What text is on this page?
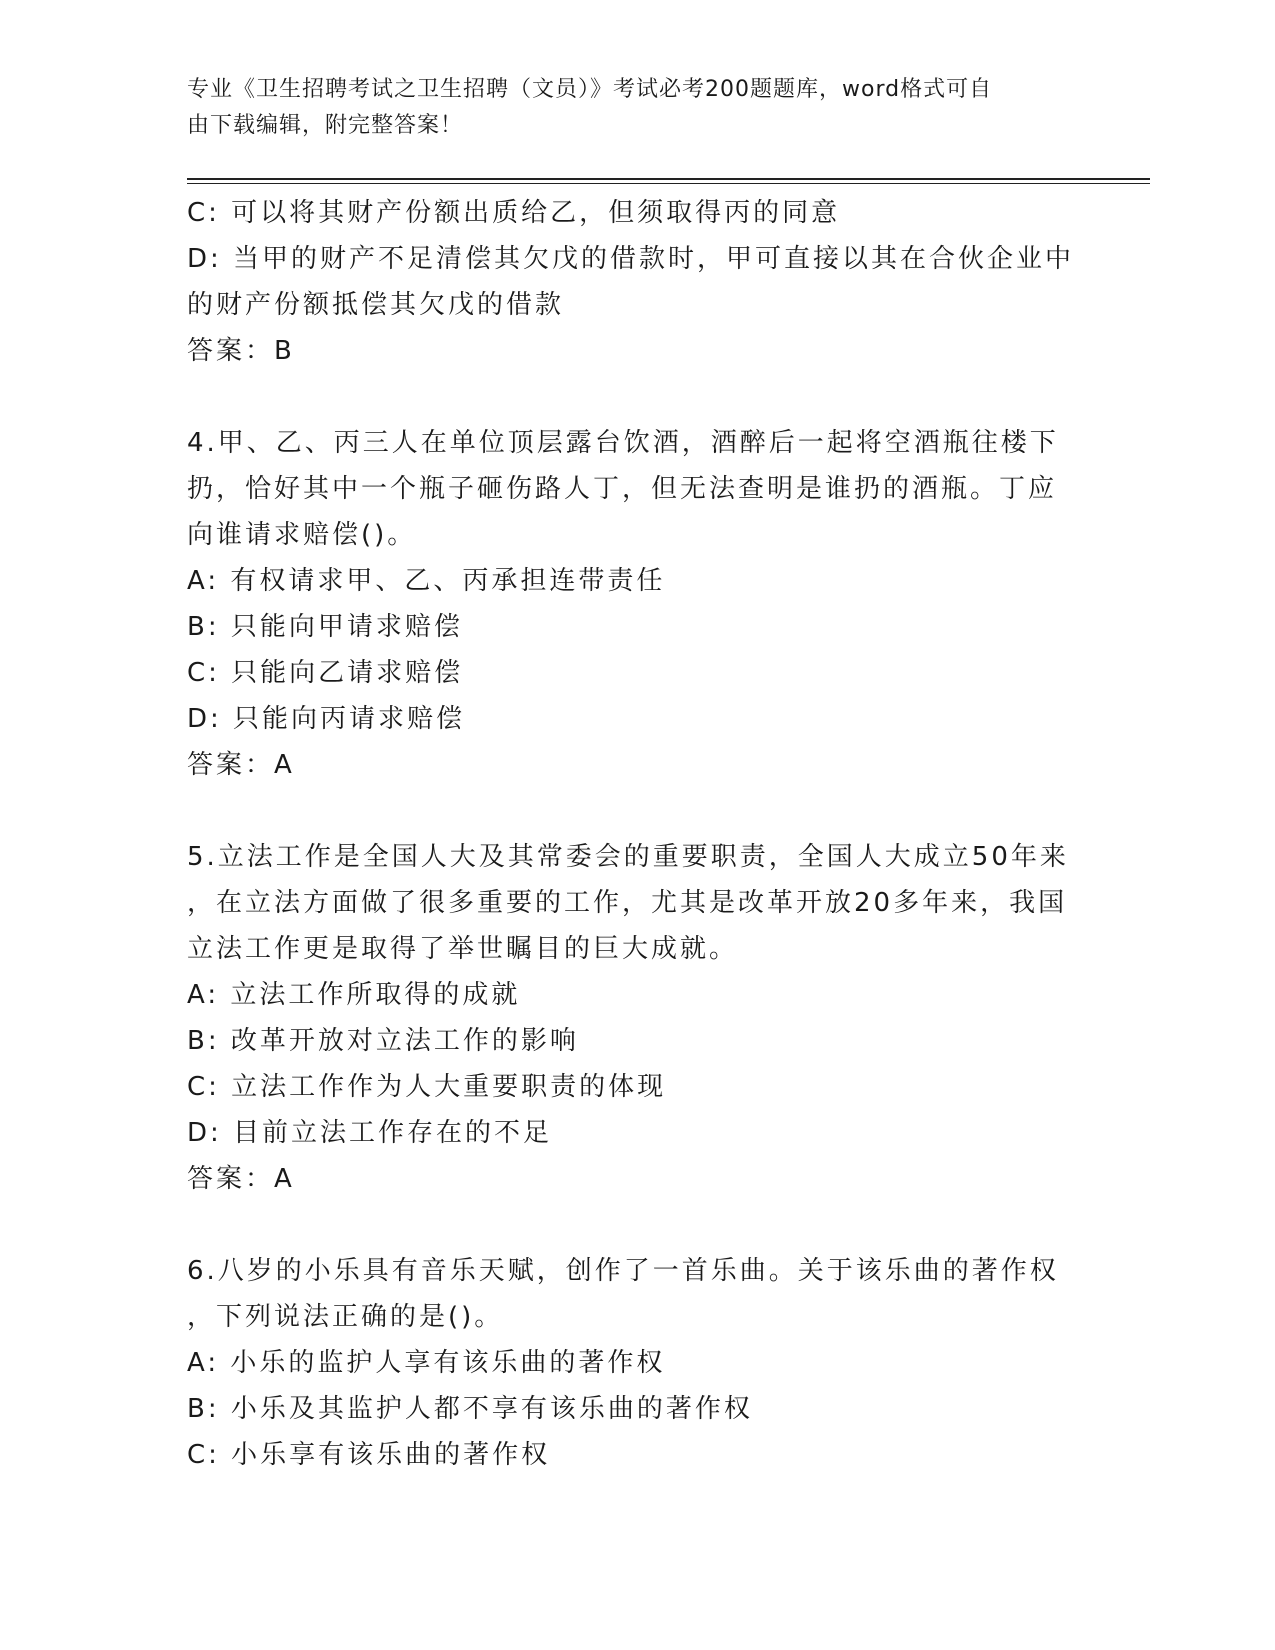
专业《卫生招聘考试之卫生招聘（文员）》考试必考200题题库，word格式可自
由下载编辑，附完整答案！
C: 可以将其财产份额出质给乙，但须取得丙的同意
D: 当甲的财产不足清偿其欠戊的借款时，甲可直接以其在合伙企业中
的财产份额抵偿其欠戊的借款
答案：B
4.甲、乙、丙三人在单位顶层露台饮酒，酒醉后一起将空酒瓶往楼下
扔，恰好其中一个瓶子砸伤路人丁，但无法查明是谁扔的酒瓶。丁应
向谁请求赔偿()。
A: 有权请求甲、乙、丙承担连带责任
B: 只能向甲请求赔偿
C: 只能向乙请求赔偿
D: 只能向丙请求赔偿
答案：A
5.立法工作是全国人大及其常委会的重要职责，全国人大成立50年来
，在立法方面做了很多重要的工作，尤其是改革开放20多年来，我国
立法工作更是取得了举世瞩目的巨大成就。
A: 立法工作所取得的成就
B: 改革开放对立法工作的影响
C: 立法工作作为人大重要职责的体现
D: 目前立法工作存在的不足
答案：A
6.八岁的小乐具有音乐天赋，创作了一首乐曲。关于该乐曲的著作权
，下列说法正确的是()。
A: 小乐的监护人享有该乐曲的著作权
B: 小乐及其监护人都不享有该乐曲的著作权
C: 小乐享有该乐曲的著作权
